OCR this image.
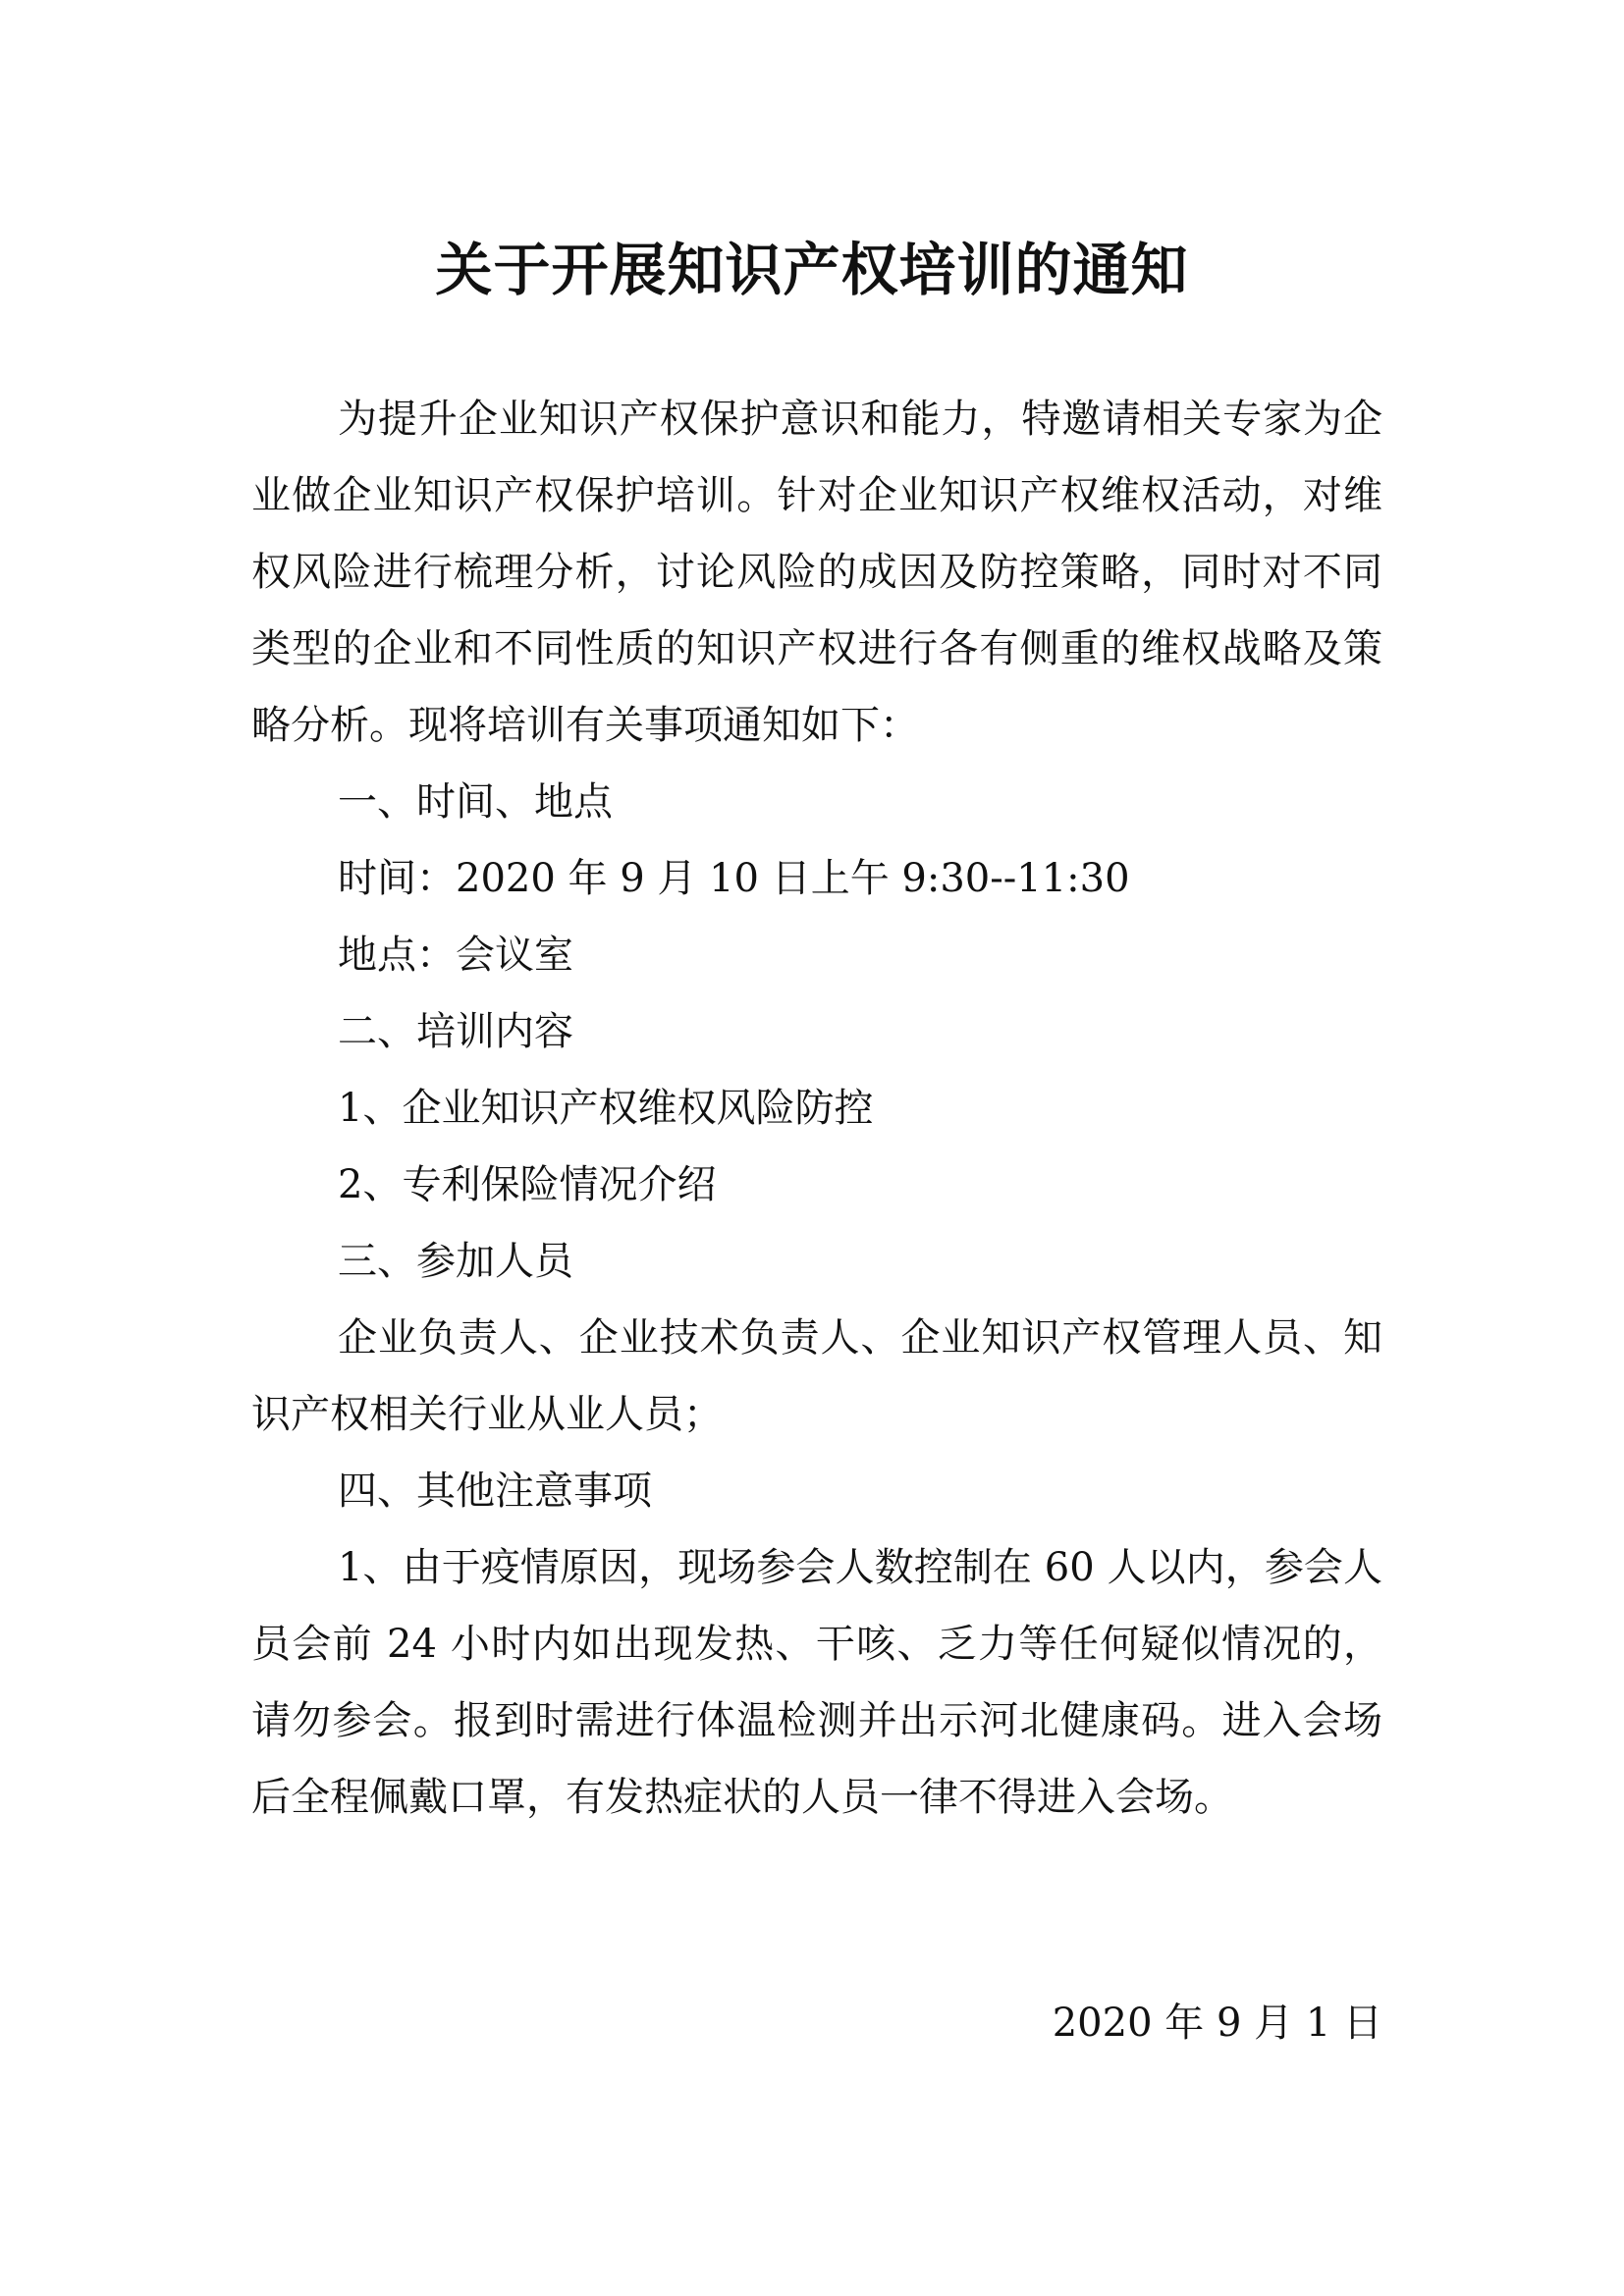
关于开展知识产权培训的通知

为提升企业知识产权保护意识和能力，特邀请相关专家为企业做企业知识产权保护培训。针对企业知识产权维权活动，对维权风险进行梳理分析，讨论风险的成因及防控策略，同时对不同类型的企业和不同性质的知识产权进行各有侧重的维权战略及策略分析。现将培训有关事项通知如下：

一、时间、地点

时间：2020 年 9 月 10 日上午 9:30--11:30

地点：会议室

二、培训内容

1、企业知识产权维权风险防控

2、专利保险情况介绍

三、参加人员

企业负责人、企业技术负责人、企业知识产权管理人员、知识产权相关行业从业人员；

四、其他注意事项

1、由于疫情原因，现场参会人数控制在 60 人以内，参会人员会前 24 小时内如出现发热、干咳、乏力等任何疑似情况的，请勿参会。报到时需进行体温检测并出示河北健康码。进入会场后全程佩戴口罩，有发热症状的人员一律不得进入会场。

2020 年 9 月 1 日
